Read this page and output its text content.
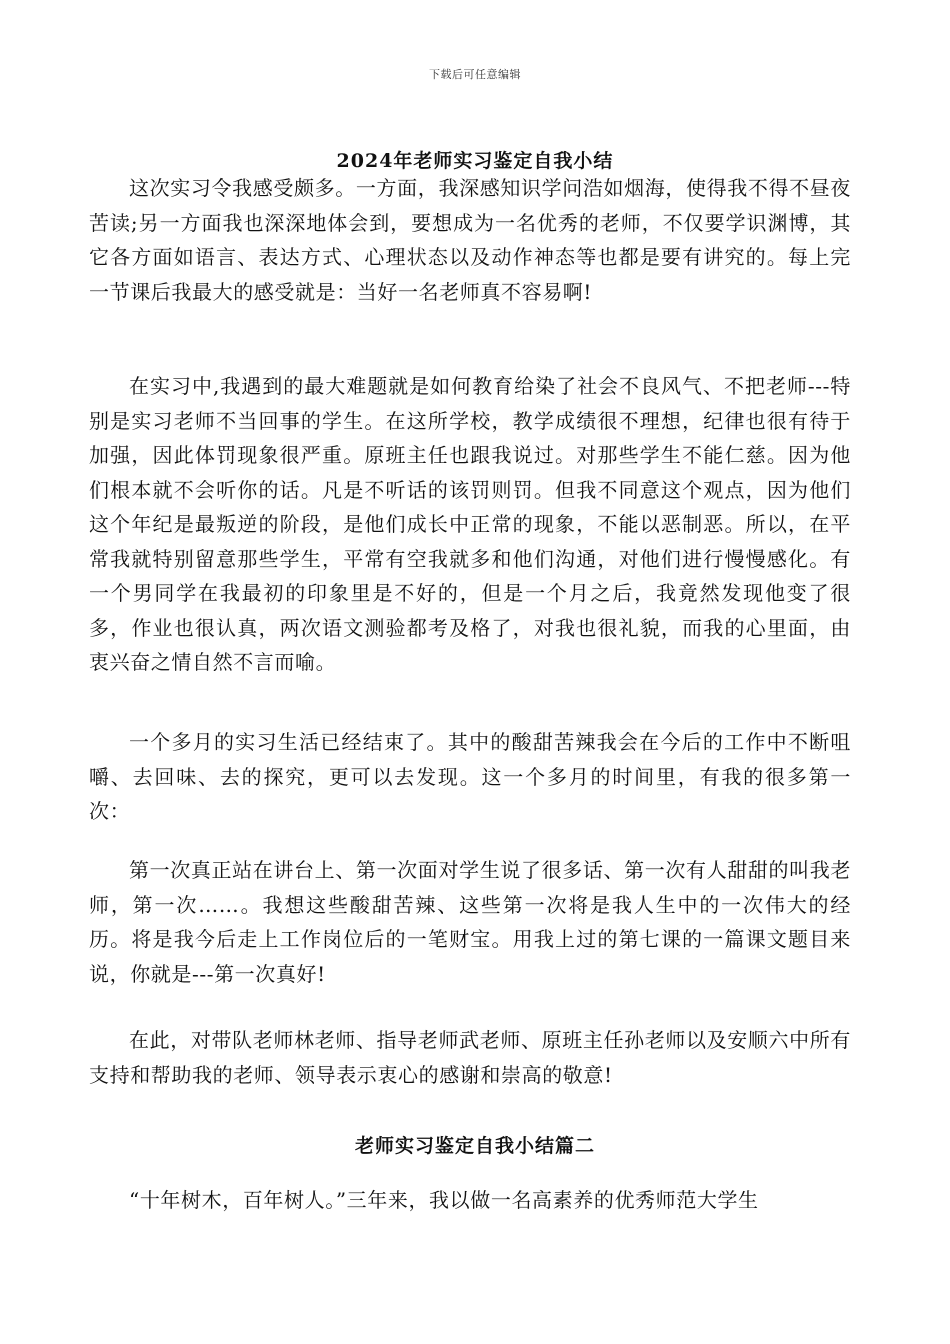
下载后可任意编辑
2024年老师实习鉴定自我小结

这次实习令我感受颇多。一方面，我深感知识学问浩如烟海，使得我不得不昼夜苦读;另一方面我也深深地体会到，要想成为一名优秀的老师，不仅要学识渊博，其它各方面如语言、表达方式、心理状态以及动作神态等也都是要有讲究的。每上完一节课后我最大的感受就是：当好一名老师真不容易啊!

在实习中,我遇到的最大难题就是如何教育给染了社会不良风气、不把老师---特别是实习老师不当回事的学生。在这所学校，教学成绩很不理想，纪律也很有待于加强，因此体罚现象很严重。原班主任也跟我说过。对那些学生不能仁慈。因为他们根本就不会听你的话。凡是不听话的该罚则罚。但我不同意这个观点，因为他们这个年纪是最叛逆的阶段，是他们成长中正常的现象，不能以恶制恶。所以，在平常我就特别留意那些学生，平常有空我就多和他们沟通，对他们进行慢慢感化。有一个男同学在我最初的印象里是不好的，但是一个月之后，我竟然发现他变了很多，作业也很认真，两次语文测验都考及格了，对我也很礼貌，而我的心里面，由衷兴奋之情自然不言而喻。

一个多月的实习生活已经结束了。其中的酸甜苦辣我会在今后的工作中不断咀嚼、去回味、去的探究，更可以去发现。这一个多月的时间里，有我的很多第一次：

第一次真正站在讲台上、第一次面对学生说了很多话、第一次有人甜甜的叫我老师，第一次……。我想这些酸甜苦辣、这些第一次将是我人生中的一次伟大的经历。将是我今后走上工作岗位后的一笔财宝。用我上过的第七课的一篇课文题目来说，你就是---第一次真好!

在此，对带队老师林老师、指导老师武老师、原班主任孙老师以及安顺六中所有支持和帮助我的老师、领导表示衷心的感谢和崇高的敬意!

老师实习鉴定自我小结篇二

“十年树木，百年树人。”三年来，我以做一名高素养的优秀师范大学生
